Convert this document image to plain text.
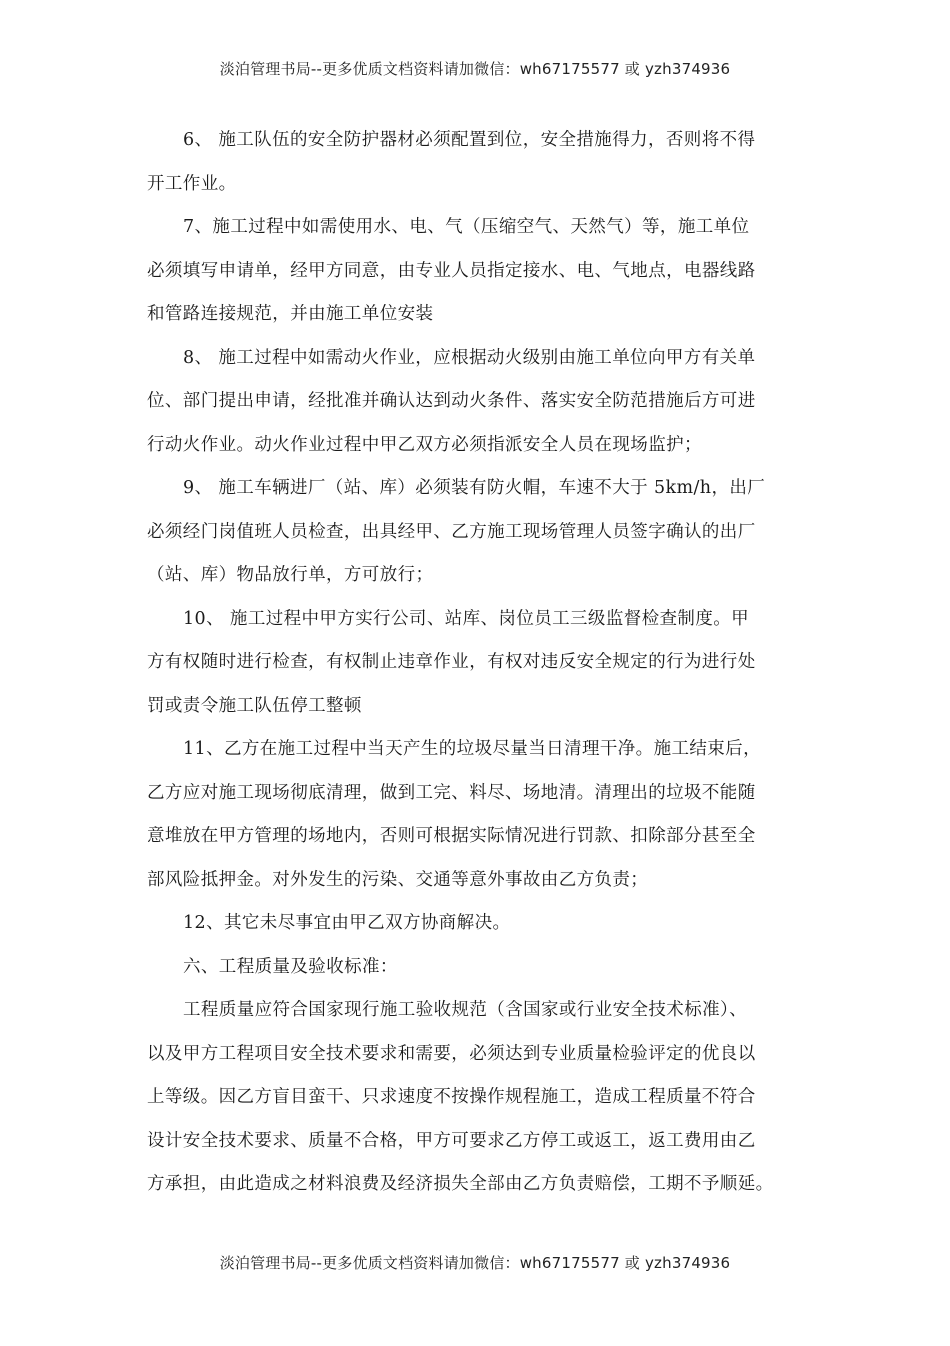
淡泊管理书局--更多优质文档资料请加微信：wh67175577 或 yzh374936
6、 施工队伍的安全防护器材必须配置到位，安全措施得力，否则将不得
开工作业。
7、施工过程中如需使用水、电、气（压缩空气、天然气）等，施工单位
必须填写申请单，经甲方同意，由专业人员指定接水、电、气地点，电器线路
和管路连接规范，并由施工单位安装
8、 施工过程中如需动火作业，应根据动火级别由施工单位向甲方有关单
位、部门提出申请，经批准并确认达到动火条件、落实安全防范措施后方可进
行动火作业。动火作业过程中甲乙双方必须指派安全人员在现场监护；
9、 施工车辆进厂（站、库）必须装有防火帽，车速不大于 5km/h，出厂
必须经门岗值班人员检查，出具经甲、乙方施工现场管理人员签字确认的出厂
（站、库）物品放行单，方可放行；
10、 施工过程中甲方实行公司、站库、岗位员工三级监督检查制度。甲
方有权随时进行检查，有权制止违章作业，有权对违反安全规定的行为进行处
罚或责令施工队伍停工整顿
11、乙方在施工过程中当天产生的垃圾尽量当日清理干净。施工结束后，
乙方应对施工现场彻底清理，做到工完、料尽、场地清。清理出的垃圾不能随
意堆放在甲方管理的场地内，否则可根据实际情况进行罚款、扣除部分甚至全
部风险抵押金。对外发生的污染、交通等意外事故由乙方负责；
12、其它未尽事宜由甲乙双方协商解决。
六、工程质量及验收标准：
工程质量应符合国家现行施工验收规范（含国家或行业安全技术标准）、
以及甲方工程项目安全技术要求和需要，必须达到专业质量检验评定的优良以
上等级。因乙方盲目蛮干、只求速度不按操作规程施工，造成工程质量不符合
设计安全技术要求、质量不合格，甲方可要求乙方停工或返工，返工费用由乙
方承担，由此造成之材料浪费及经济损失全部由乙方负责赔偿，工期不予顺延。
淡泊管理书局--更多优质文档资料请加微信：wh67175577 或 yzh374936
